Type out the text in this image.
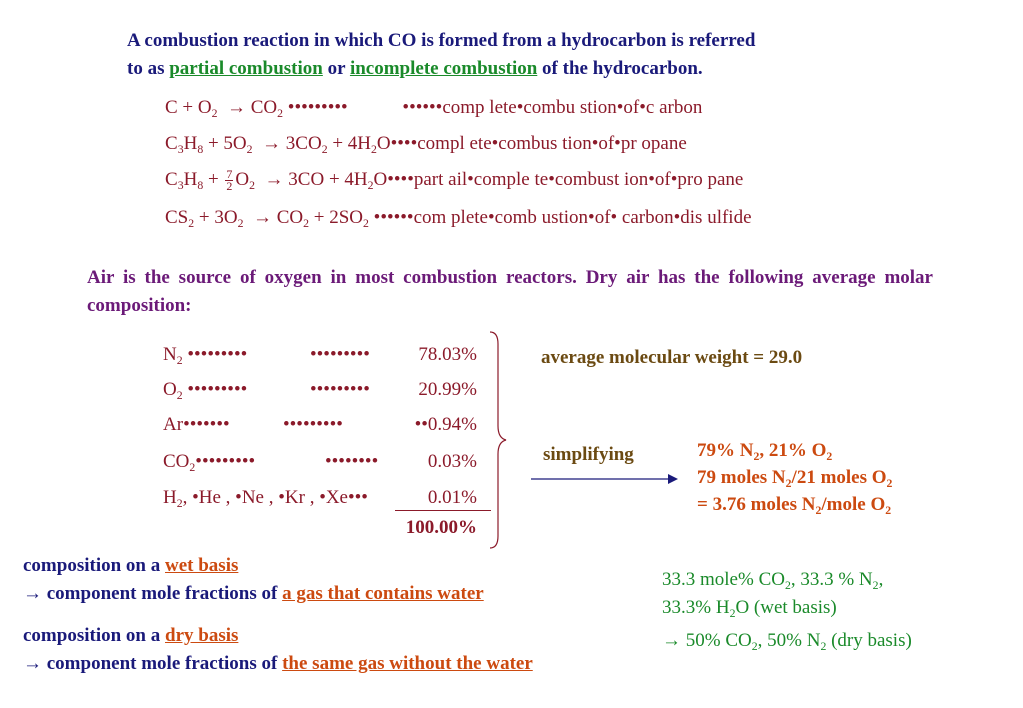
A combustion reaction in which CO is formed from a hydrocarbon is referred
to as partial combustion or incomplete combustion of the hydrocarbon.
$C + O_2 \to CO_2$ •••••••••	••••••comp lete•combu stion•of•c arbon
$C_3H_8 + 5O_2 \to 3CO_2$ + $4H_2O••••compl$ ete•combus tion•of•pr opane
$C_3H_8 + \frac{7}{2} O_2 \to 3CO$ + $4H_2O••••part$ ail•comple te•combust ion•of•pro pane
$CS_2 + 3O_2 \to CO_2 + 2SO_2$ ••••••com plete•comb ustion•of• carbon•dis ulfide
Air is the source of oxygen in most combustion reactors. Dry air has the following average molar composition:
$N_2$ •••••••••	•••••••••	78.03%
$O_2$ •••••••••	•••••••••	20.99%
Ar•••••••	•••••••••	••0.94%
$CO_2•••••••••$	••••••••	0.03%
$H_2$, •He , •Ne , •Kr , •Xe•••	0.01%
100.00%
average molecular weight = 29.0
simplifying	79% $N_2$, 21% $O_2$
79 moles $N_2/21$ moles $O_2$
= 3.76 moles $N_2$/mole $O_2$
composition on a wet basis
→ component mole fractions of a gas that contains water
composition on a dry basis
→ component mole fractions of the same gas without the water
33.3 mole% $CO_2$, 33.3 % $N_2$,
33.3% $H_2O$ (wet basis)
→ 50% $CO_2$, 50% $N_2$ (dry basis)
